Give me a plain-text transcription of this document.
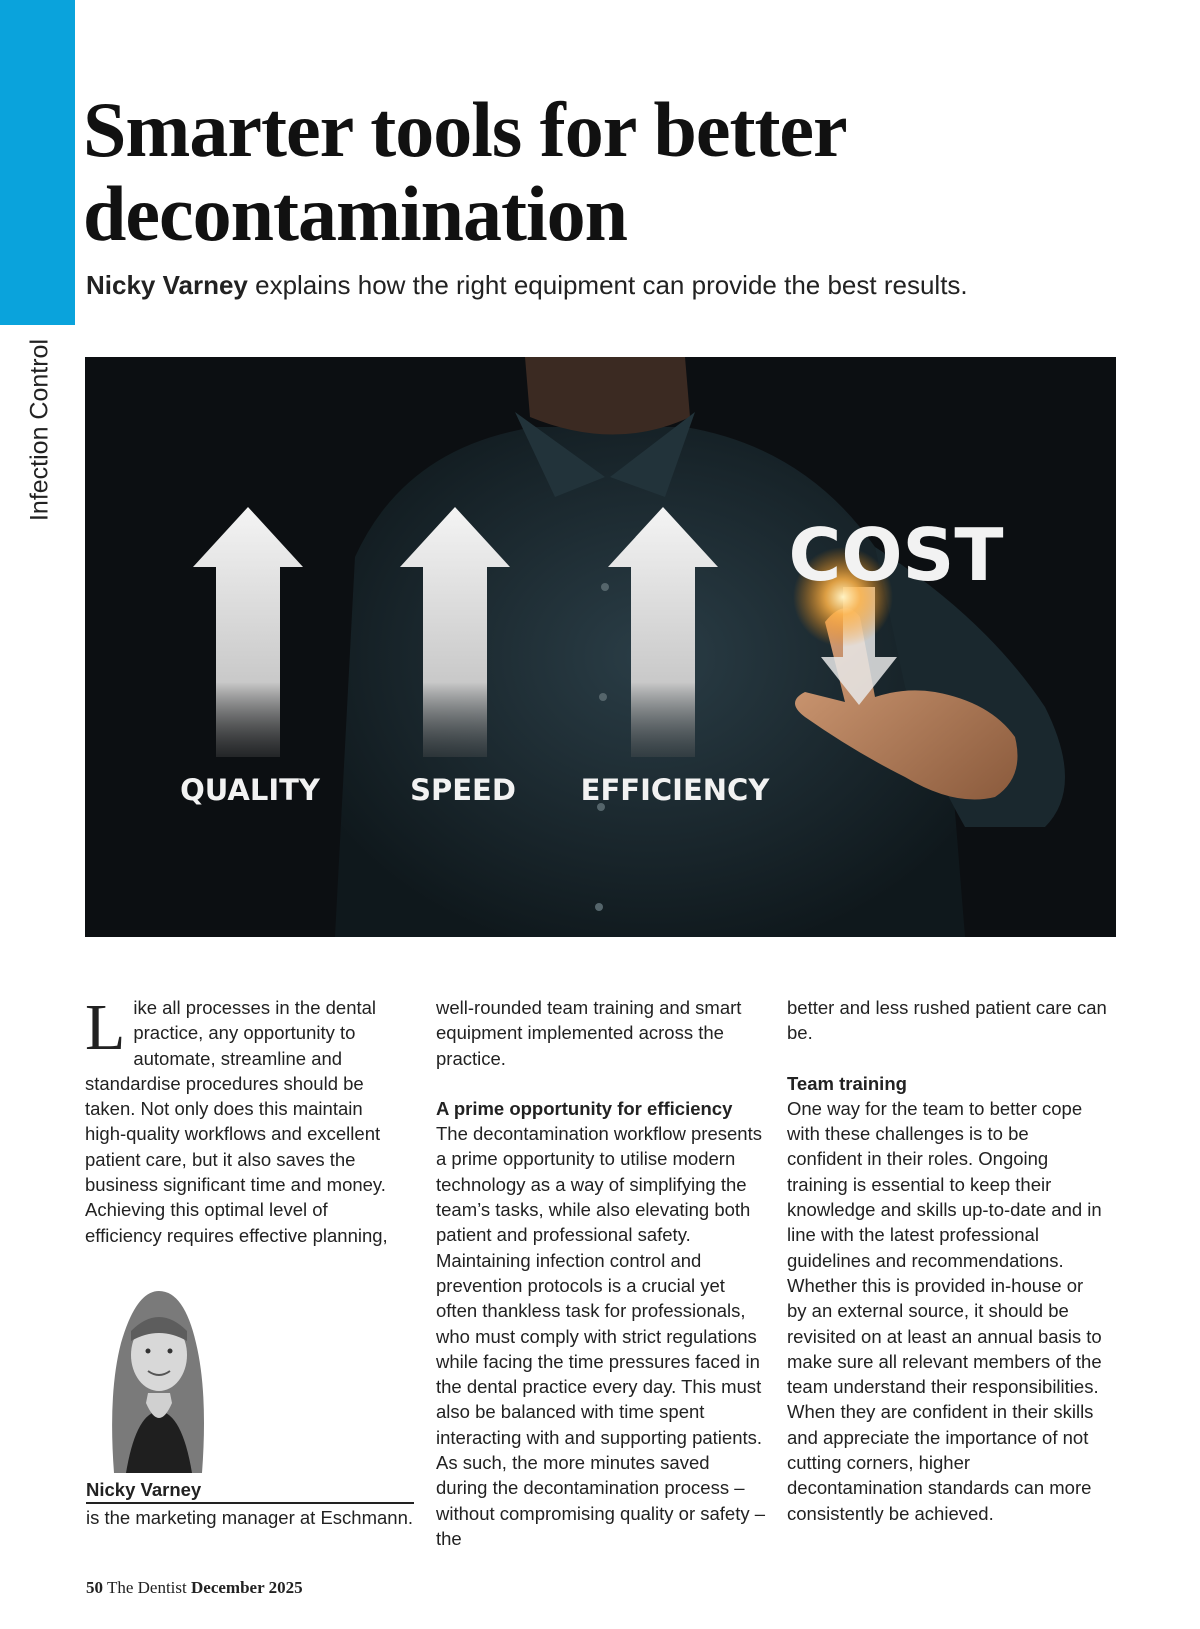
Infection Control
Smarter tools for better decontamination
Nicky Varney explains how the right equipment can provide the best results.
QUALITY	SPEED EFFICIENCY
COST
L ike all processes in the dental practice, any opportunity to automate, streamline and standardise procedures should be taken. Not only does this maintain high-quality workflows and excellent patient care, but it also saves the business significant time and money. Achieving this optimal level of efficiency requires effective planning,

Nicky Varney
is the marketing manager at Eschmann.

well-rounded team training and smart equipment implemented across the practice.

A prime opportunity for efficiency

The decontamination workflow presents a prime opportunity to utilise modern technology as a way of simplifying the team’s tasks, while also elevating both patient and professional safety. Maintaining infection control and prevention protocols is a crucial yet often thankless task for professionals, who must comply with strict regulations while facing the time pressures faced in the dental practice every day. This must also be balanced with time spent interacting with and supporting patients. As such, the more minutes saved during the decontamination process – without compromising quality or safety – the

better and less rushed patient care can be.

Team training

One way for the team to better cope with these challenges is to be confident in their roles. Ongoing training is essential to keep their knowledge and skills up-to-date and in line with the latest professional guidelines and recommendations. Whether this is provided in-house or by an external source, it should be revisited on at least an annual basis to make sure all relevant members of the team understand their responsibilities. When they are confident in their skills and appreciate the importance of not cutting corners, higher decontamination standards can more consistently be achieved.

50 The Dentist December 2025
